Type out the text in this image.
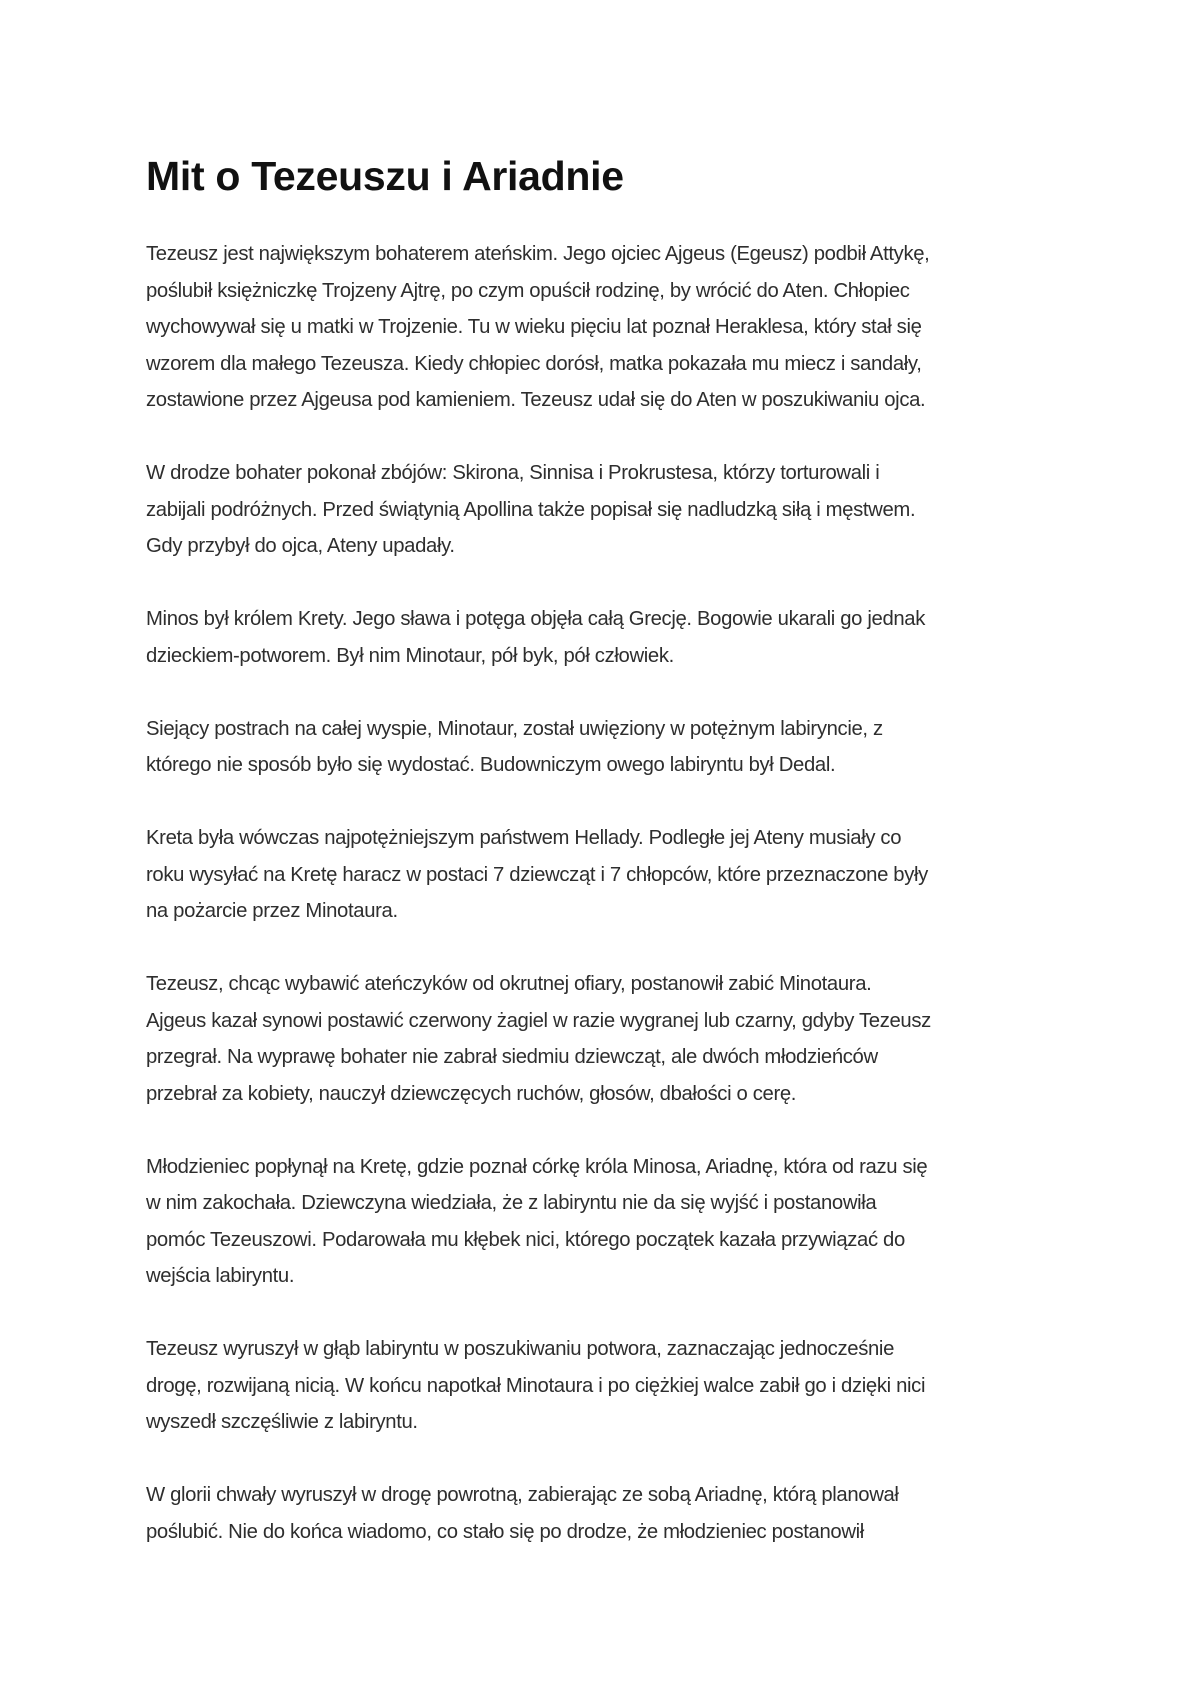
Mit o Tezeuszu i Ariadnie
Tezeusz jest największym bohaterem ateńskim. Jego ojciec Ajgeus (Egeusz) podbił Attykę,
poślubił księżniczkę Trojzeny Ajtrę, po czym opuścił rodzinę, by wrócić do Aten. Chłopiec
wychowywał się u matki w Trojzenie. Tu w wieku pięciu lat poznał Heraklesa, który stał się
wzorem dla małego Tezeusza. Kiedy chłopiec dorósł, matka pokazała mu miecz i sandały,
zostawione przez Ajgeusa pod kamieniem. Tezeusz udał się do Aten w poszukiwaniu ojca.
W drodze bohater pokonał zbójów: Skirona, Sinnisa i Prokrustesa, którzy torturowali i
zabijali podróżnych. Przed świątynią Apollina także popisał się nadludzką siłą i męstwem.
Gdy przybył do ojca, Ateny upadały.
Minos był królem Krety. Jego sława i potęga objęła całą Grecję. Bogowie ukarali go jednak
dzieckiem-potworem. Był nim Minotaur, pół byk, pół człowiek.
Siejący postrach na całej wyspie, Minotaur, został uwięziony w potężnym labiryncie, z
którego nie sposób było się wydostać. Budowniczym owego labiryntu był Dedal.
Kreta była wówczas najpotężniejszym państwem Hellady. Podległe jej Ateny musiały co
roku wysyłać na Kretę haracz w postaci 7 dziewcząt i 7 chłopców, które przeznaczone były
na pożarcie przez Minotaura.
Tezeusz, chcąc wybawić ateńczyków od okrutnej ofiary, postanowił zabić Minotaura.
Ajgeus kazał synowi postawić czerwony żagiel w razie wygranej lub czarny, gdyby Tezeusz
przegrał. Na wyprawę bohater nie zabrał siedmiu dziewcząt, ale dwóch młodzieńców
przebrał za kobiety, nauczył dziewczęcych ruchów, głosów, dbałości o cerę.
Młodzieniec popłynął na Kretę, gdzie poznał córkę króla Minosa, Ariadnę, która od razu się
w nim zakochała. Dziewczyna wiedziała, że z labiryntu nie da się wyjść i postanowiła
pomóc Tezeuszowi. Podarowała mu kłębek nici, którego początek kazała przywiązać do
wejścia labiryntu.
Tezeusz wyruszył w głąb labiryntu w poszukiwaniu potwora, zaznaczając jednocześnie
drogę, rozwijaną nicią. W końcu napotkał Minotaura i po ciężkiej walce zabił go i dzięki nici
wyszedł szczęśliwie z labiryntu.
W glorii chwały wyruszył w drogę powrotną, zabierając ze sobą Ariadnę, którą planował
poślubić. Nie do końca wiadomo, co stało się po drodze, że młodzieniec postanowił
